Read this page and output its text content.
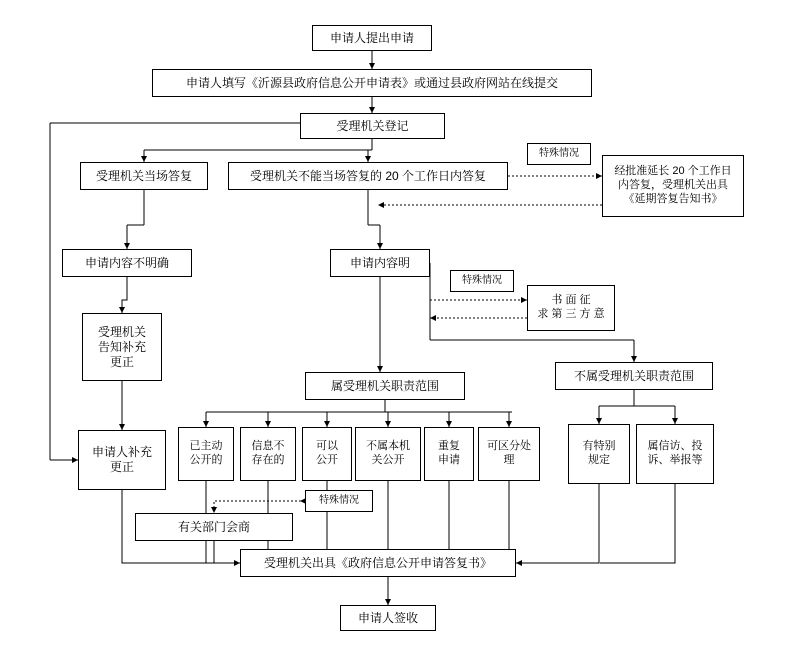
申请人提出申请
申请人填写《沂源县政府信息公开申请表》或通过县政府网站在线提交
受理机关登记
受理机关当场答复	受理机关不能当场答复的 20 个工作日内答复	经批准延长 20 个工作日
内答复，受理机关出具
《延期答复告知书》
申请内容不明确	申请内容明
书 面 征
求 第 三 方 意
受理机关
告知补充
更正
申请人补充
更正
属受理机关职责范围
不属受理机关职责范围
已主动
公开的
信息不
存在的
可以
公开
不属本机
关公开
重复
申请
可区分处
理
有特别
规定
属信访、投
诉、举报等
有关部门会商
受理机关出具《政府信息公开申请答复书》
申请人签收
特殊情况
特殊情况
特殊情况
